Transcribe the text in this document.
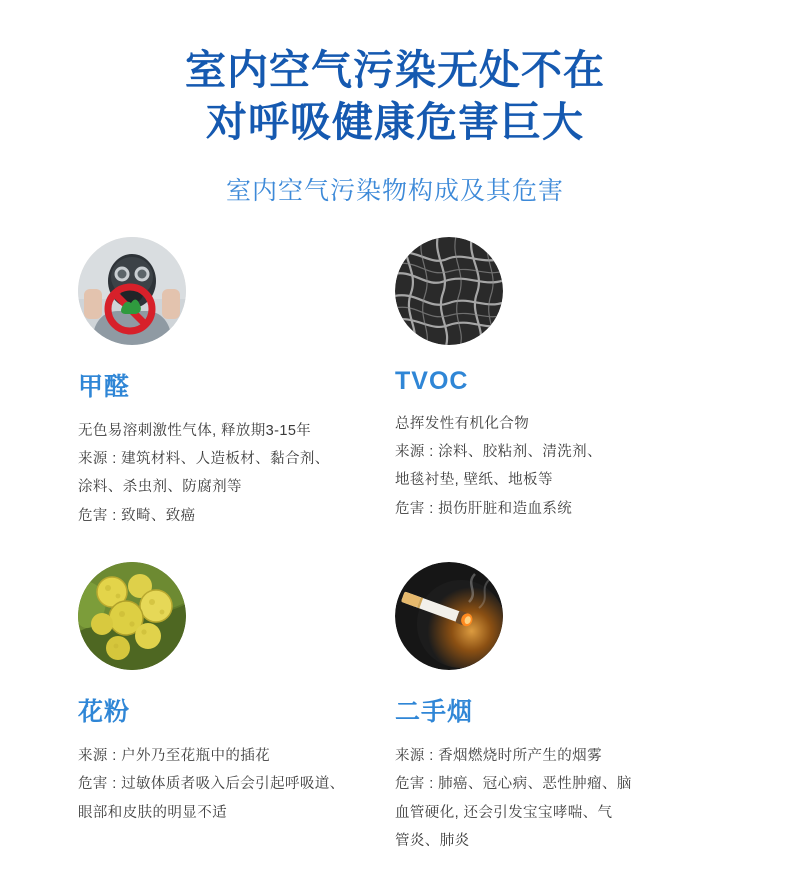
室内空气污染无处不在
对呼吸健康危害巨大
室内空气污染物构成及其危害
甲醛
无色易溶刺激性气体, 释放期3-15年
来源 : 建筑材料、人造板材、黏合剂、
涂料、杀虫剂、防腐剂等
危害 : 致畸、致癌
TVOC
总挥发性有机化合物
来源 : 涂料、胶粘剂、清洗剂、
地毯衬垫, 壁纸、地板等
危害 : 损伤肝脏和造血系统
花粉
来源 : 户外乃至花瓶中的插花
危害 : 过敏体质者吸入后会引起呼吸道、
眼部和皮肤的明显不适
二手烟
来源 : 香烟燃烧时所产生的烟雾
危害 : 肺癌、冠心病、恶性肿瘤、脑
血管硬化, 还会引发宝宝哮喘、气
管炎、肺炎
